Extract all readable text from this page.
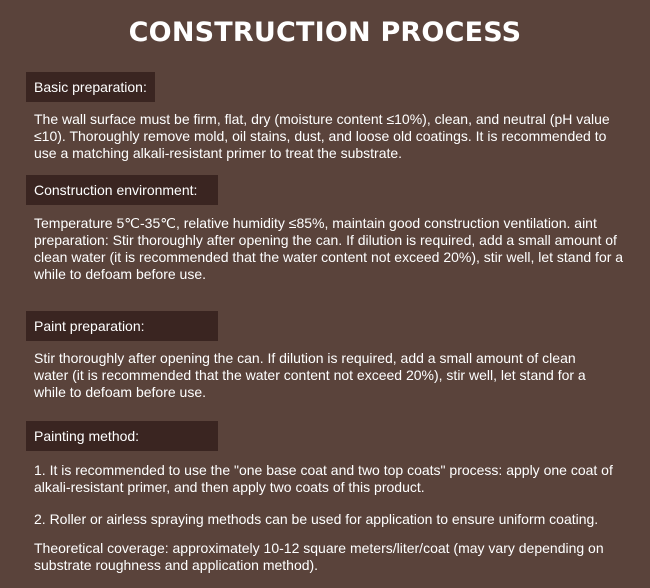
CONSTRUCTION PROCESS
Basic preparation:

The wall surface must be firm, flat, dry (moisture content ≤10%), clean, and neutral (pH value ≤10). Thoroughly remove mold, oil stains, dust, and loose old coatings. It is recommended to use a matching alkali-resistant primer to treat the substrate.

Construction environment:

Temperature 5℃-35℃, relative humidity ≤85%, maintain good construction ventilation. aint preparation: Stir thoroughly after opening the can. If dilution is required, add a small amount of clean water (it is recommended that the water content not exceed 20%), stir well, let stand for a while to defoam before use.

Paint preparation:

Stir thoroughly after opening the can. If dilution is required, add a small amount of clean water (it is recommended that the water content not exceed 20%), stir well, let stand for a while to defoam before use.

Painting method:

1. It is recommended to use the "one base coat and two top coats" process: apply one coat of alkali-resistant primer, and then apply two coats of this product.

2. Roller or airless spraying methods can be used for application to ensure uniform coating.

Theoretical coverage: approximately 10-12 square meters/liter/coat (may vary depending on substrate roughness and application method).
